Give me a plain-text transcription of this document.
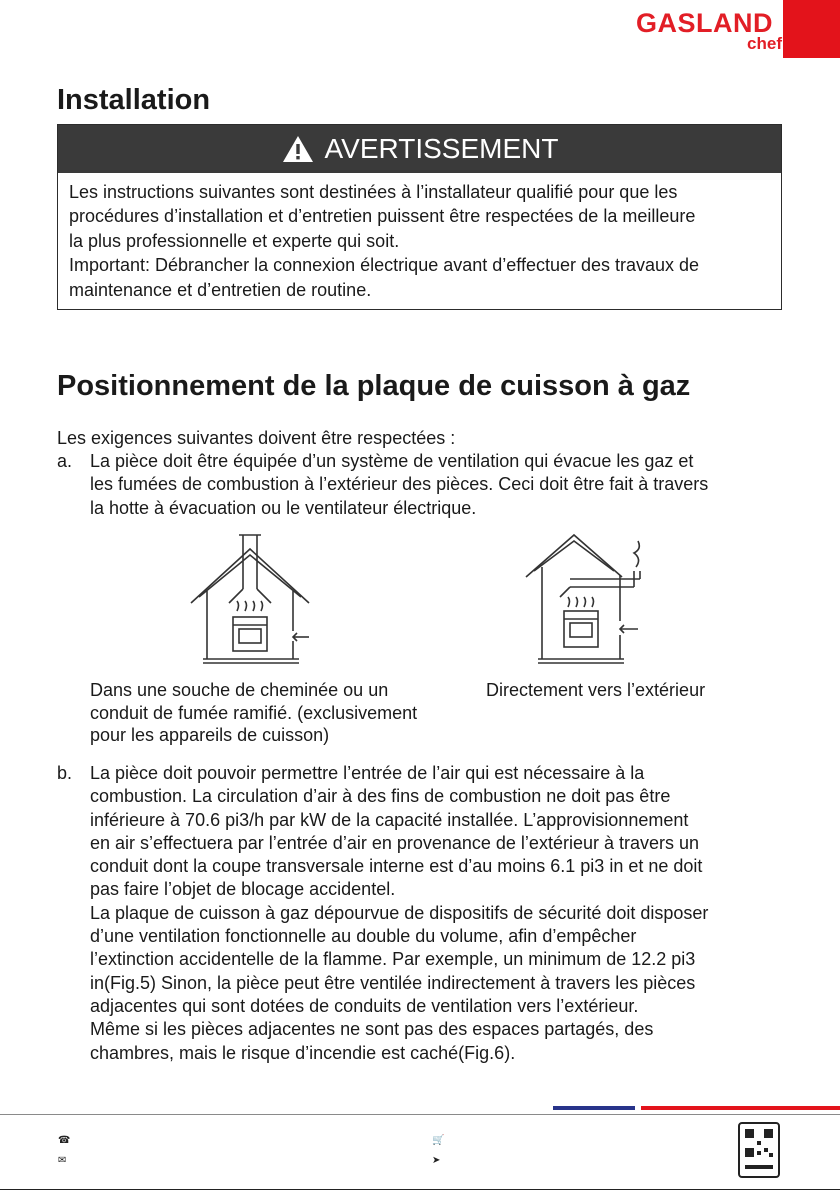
GASLAND
chef
Installation
AVERTISSEMENT
Les instructions suivantes sont destinées à l’installateur qualifié pour que les
procédures d’installation et d’entretien puissent être respectées de la meilleure
la plus professionnelle et experte qui soit.
Important: Débrancher la connexion électrique avant d’effectuer des travaux de
maintenance et d’entretien de routine.
Positionnement de la plaque de cuisson à gaz
Les exigences suivantes doivent être respectées :
a. La pièce doit être équipée d’un système de ventilation qui évacue les gaz et
les fumées de combustion à l’extérieur des pièces. Ceci doit être fait à travers
la hotte à évacuation ou le ventilateur électrique.
Dans une souche de cheminée ou un
conduit de fumée ramifié. (exclusivement
pour les appareils de cuisson)
Directement vers l’extérieur
b. La pièce doit pouvoir permettre l’entrée de l’air qui est nécessaire à la
combustion. La circulation d’air à des fins de combustion ne doit pas être
inférieure à 70.6 pi3/h par kW de la capacité installée. L’approvisionnement
en air s’effectuera par l’entrée d’air en provenance de l’extérieur à travers un
conduit dont la coupe transversale interne est d’au moins 6.1 pi3 in et ne doit
pas faire l’objet de blocage accidentel.
La plaque de cuisson à gaz dépourvue de dispositifs de sécurité doit disposer
d’une ventilation fonctionnelle au double du volume, afin d’empêcher
l’extinction accidentelle de la flamme. Par exemple, un minimum de 12.2 pi3
in(Fig.5) Sinon, la pièce peut être ventilée indirectement à travers les pièces
adjacentes qui sont dotées de conduits de ventilation vers l’extérieur.
Même si les pièces adjacentes ne sont pas des espaces partagés, des
chambres, mais le risque d’incendie est caché(Fig.6).
☎
✉
🛒
➤
